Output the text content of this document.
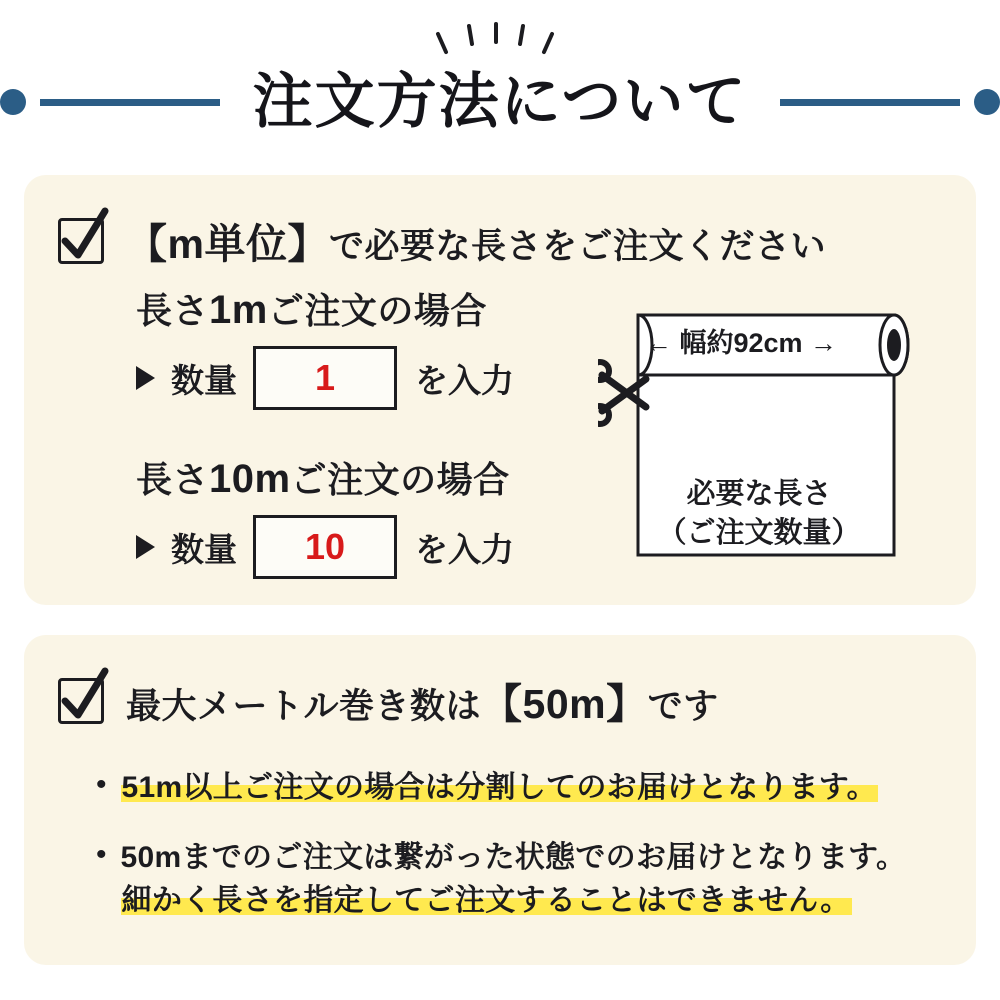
注文方法について
【m単位】で必要な長さをご注文ください
長さ1mご注文の場合
数量 1 を入力
長さ10mご注文の場合
数量 10 を入力
← 幅約92cm →
必要な長さ
（ご注文数量）
最大メートル巻き数は【50m】です
• 51m以上ご注文の場合は分割してのお届けとなります。
• 50mまでのご注文は繋がった状態でのお届けとなります。
細かく長さを指定してご注文することはできません。
